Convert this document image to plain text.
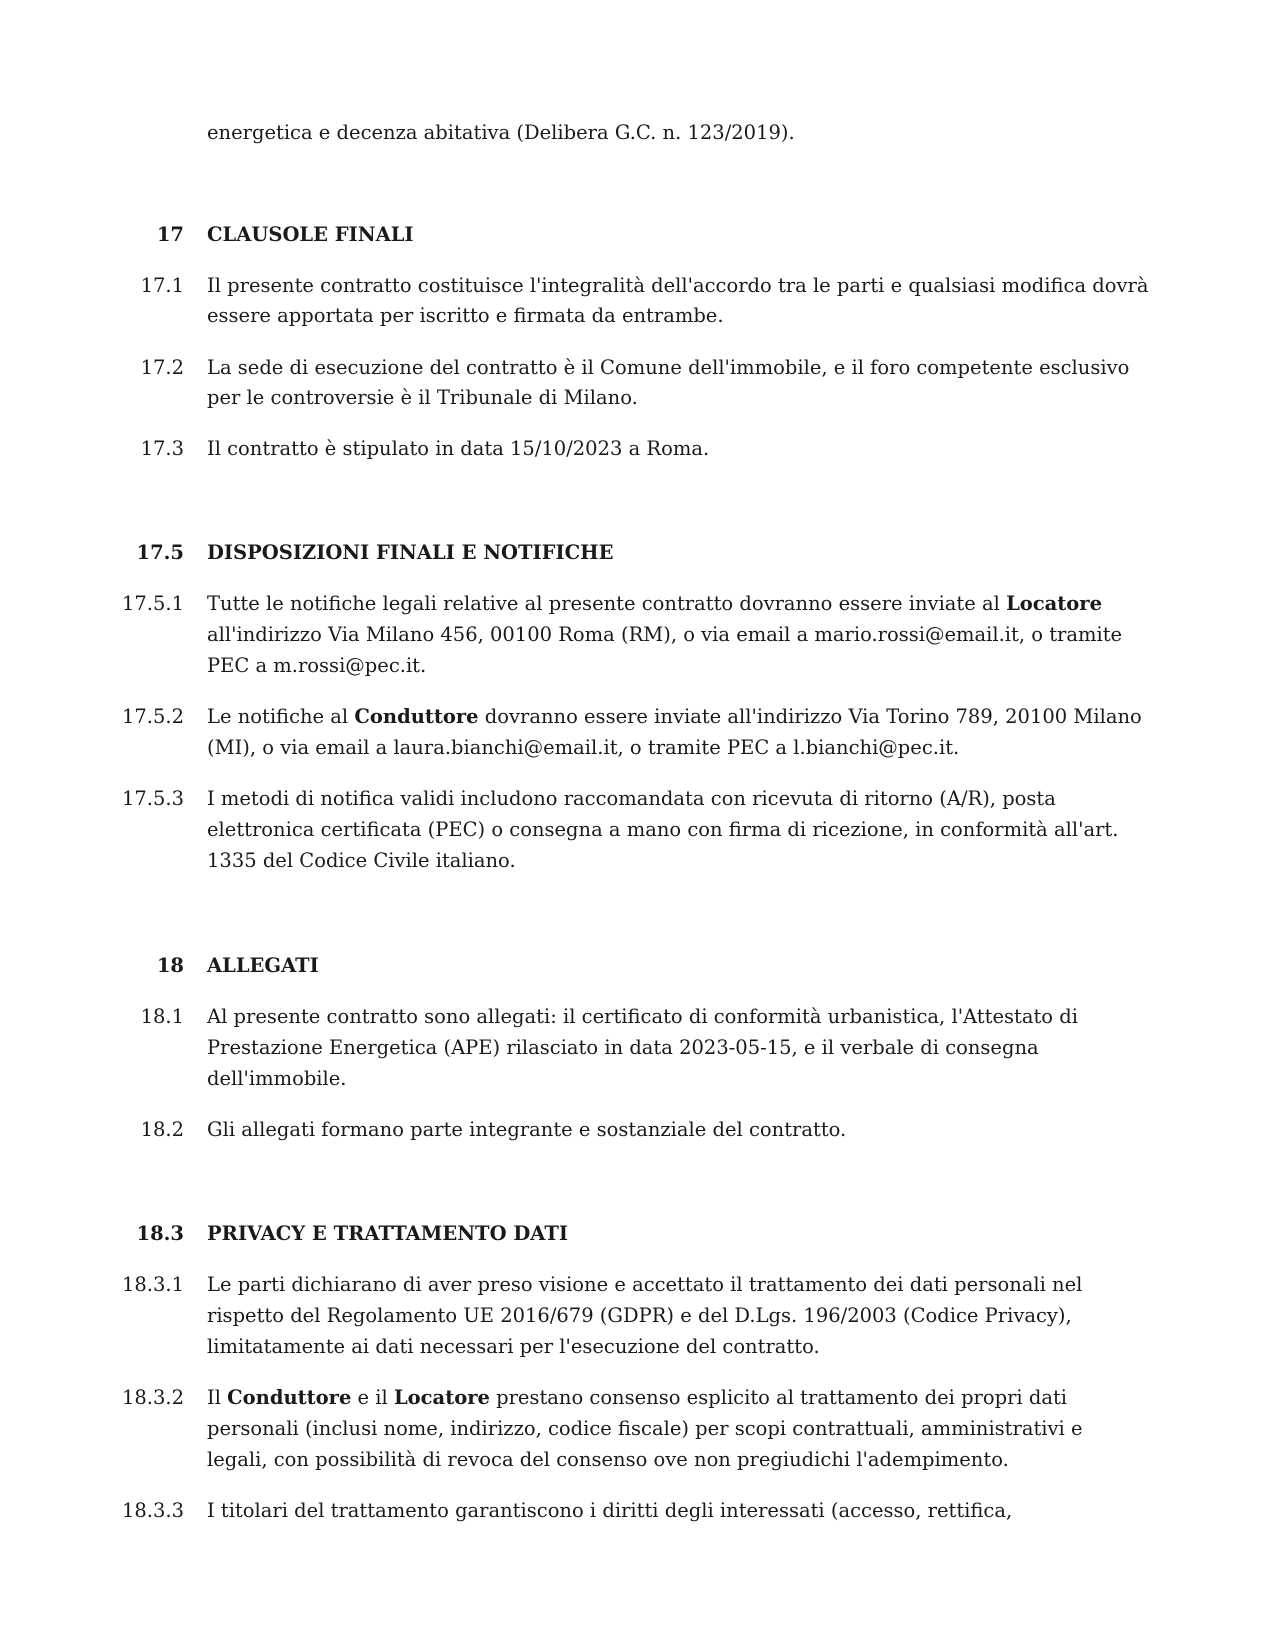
energetica e decenza abitativa (Delibera G.C. n. 123/2019).
17 CLAUSOLE FINALI
17.1 Il presente contratto costituisce l'integralità dell'accordo tra le parti e qualsiasi modifica dovrà
essere apportata per iscritto e firmata da entrambe.
17.2 La sede di esecuzione del contratto è il Comune dell'immobile, e il foro competente esclusivo
per le controversie è il Tribunale di Milano.
17.3 Il contratto è stipulato in data 15/10/2023 a Roma.
17.5 DISPOSIZIONI FINALI E NOTIFICHE
17.5.1 Tutte le notifiche legali relative al presente contratto dovranno essere inviate al Locatore
all'indirizzo Via Milano 456, 00100 Roma (RM), o via email a mario.rossi@email.it, o tramite
PEC a m.rossi@pec.it.
17.5.2 Le notifiche al Conduttore dovranno essere inviate all'indirizzo Via Torino 789, 20100 Milano
(MI), o via email a laura.bianchi@email.it, o tramite PEC a l.bianchi@pec.it.
17.5.3 I metodi di notifica validi includono raccomandata con ricevuta di ritorno (A/R), posta
elettronica certificata (PEC) o consegna a mano con firma di ricezione, in conformità all'art.
1335 del Codice Civile italiano.
18 ALLEGATI
18.1 Al presente contratto sono allegati: il certificato di conformità urbanistica, l'Attestato di
Prestazione Energetica (APE) rilasciato in data 2023-05-15, e il verbale di consegna
dell'immobile.
18.2 Gli allegati formano parte integrante e sostanziale del contratto.
18.3 PRIVACY E TRATTAMENTO DATI
18.3.1 Le parti dichiarano di aver preso visione e accettato il trattamento dei dati personali nel
rispetto del Regolamento UE 2016/679 (GDPR) e del D.Lgs. 196/2003 (Codice Privacy),
limitatamente ai dati necessari per l'esecuzione del contratto.
18.3.2 Il Conduttore e il Locatore prestano consenso esplicito al trattamento dei propri dati
personali (inclusi nome, indirizzo, codice fiscale) per scopi contrattuali, amministrativi e
legali, con possibilità di revoca del consenso ove non pregiudichi l'adempimento.
18.3.3 I titolari del trattamento garantiscono i diritti degli interessati (accesso, rettifica,
